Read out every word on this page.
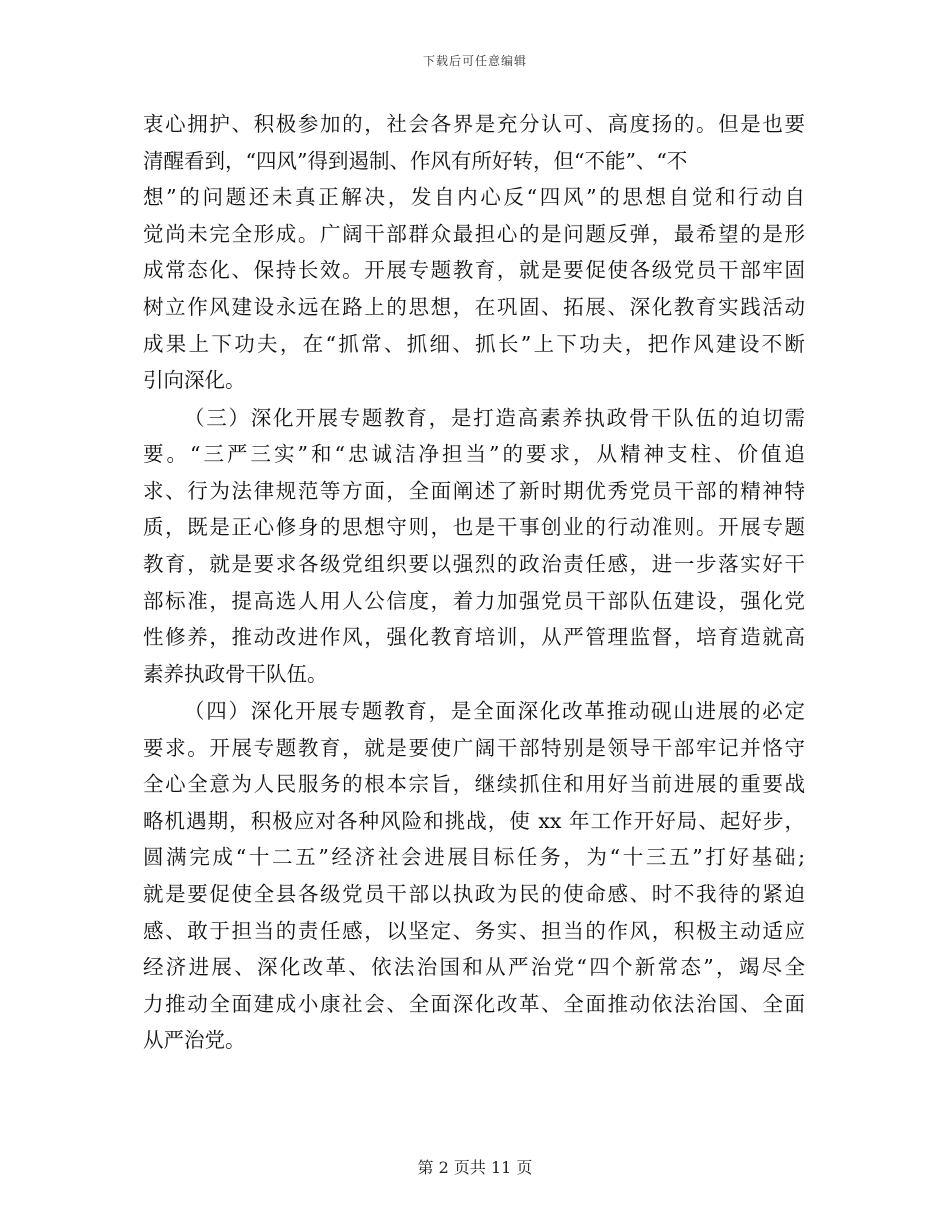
下载后可任意编辑
衷心拥护、积极参加的，社会各界是充分认可、高度扬的。但是也要
清醒看到，“四风”得到遏制、作风有所好转，但“不能”、“不
想”的问题还未真正解决，发自内心反“四风”的思想自觉和行动自
觉尚未完全形成。广阔干部群众最担心的是问题反弹，最希望的是形
成常态化、保持长效。开展专题教育，就是要促使各级党员干部牢固
树立作风建设永远在路上的思想，在巩固、拓展、深化教育实践活动
成果上下功夫，在“抓常、抓细、抓长”上下功夫，把作风建设不断
引向深化。
（三）深化开展专题教育，是打造高素养执政骨干队伍的迫切需
要。“三严三实”和“忠诚洁净担当”的要求，从精神支柱、价值追
求、行为法律规范等方面，全面阐述了新时期优秀党员干部的精神特
质，既是正心修身的思想守则，也是干事创业的行动准则。开展专题
教育，就是要求各级党组织要以强烈的政治责任感，进一步落实好干
部标准，提高选人用人公信度，着力加强党员干部队伍建设，强化党
性修养，推动改进作风，强化教育培训，从严管理监督，培育造就高
素养执政骨干队伍。
（四）深化开展专题教育，是全面深化改革推动砚山进展的必定
要求。开展专题教育，就是要使广阔干部特别是领导干部牢记并恪守
全心全意为人民服务的根本宗旨，继续抓住和用好当前进展的重要战
略机遇期，积极应对各种风险和挑战，使 xx 年工作开好局、起好步，
圆满完成“十二五”经济社会进展目标任务，为“十三五”打好基础;
就是要促使全县各级党员干部以执政为民的使命感、时不我待的紧迫
感、敢于担当的责任感，以坚定、务实、担当的作风，积极主动适应
经济进展、深化改革、依法治国和从严治党“四个新常态”，竭尽全
力推动全面建成小康社会、全面深化改革、全面推动依法治国、全面
从严治党。
第 2 页共 11 页
